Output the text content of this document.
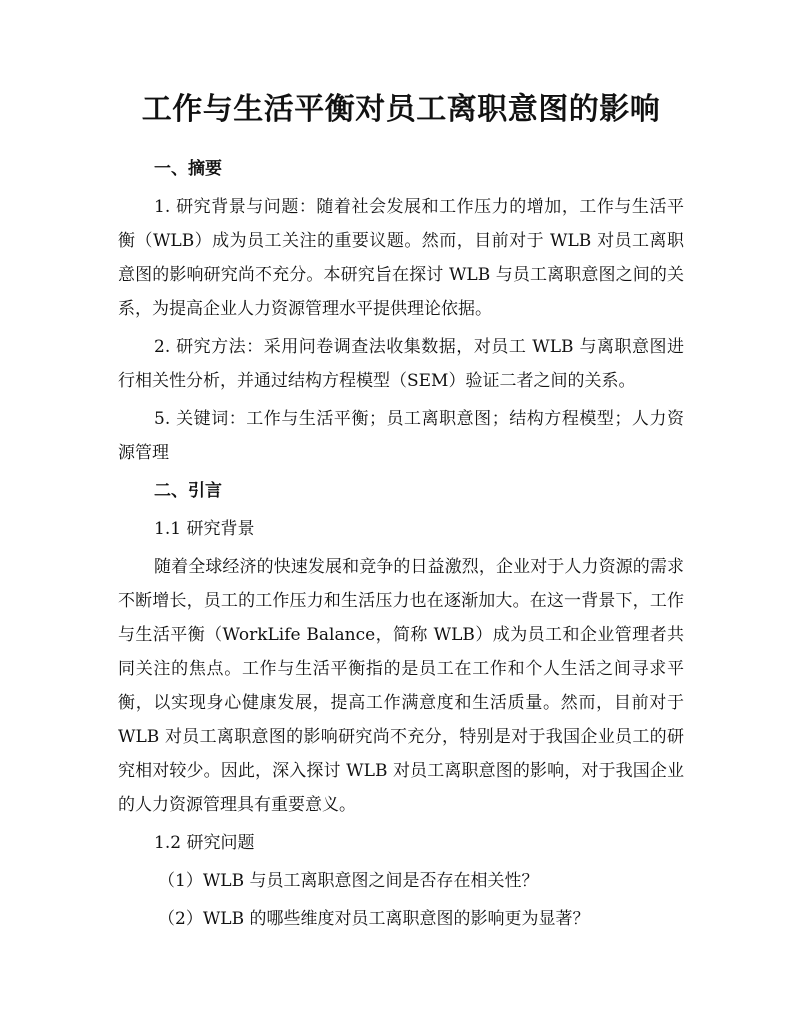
工作与生活平衡对员工离职意图的影响
一、摘要

1. 研究背景与问题：随着社会发展和工作压力的增加，工作与生活平衡（WLB）成为员工关注的重要议题。然而，目前对于 WLB 对员工离职意图的影响研究尚不充分。本研究旨在探讨 WLB 与员工离职意图之间的关系，为提高企业人力资源管理水平提供理论依据。

2. 研究方法：采用问卷调查法收集数据，对员工 WLB 与离职意图进行相关性分析，并通过结构方程模型（SEM）验证二者之间的关系。

5. 关键词：工作与生活平衡；员工离职意图；结构方程模型；人力资源管理

二、引言
1.1 研究背景

随着全球经济的快速发展和竞争的日益激烈，企业对于人力资源的需求不断增长，员工的工作压力和生活压力也在逐渐加大。在这一背景下，工作与生活平衡（WorkLife Balance，简称 WLB）成为员工和企业管理者共同关注的焦点。工作与生活平衡指的是员工在工作和个人生活之间寻求平衡，以实现身心健康发展，提高工作满意度和生活质量。然而，目前对于 WLB 对员工离职意图的影响研究尚不充分，特别是对于我国企业员工的研究相对较少。因此，深入探讨 WLB 对员工离职意图的影响，对于我国企业的人力资源管理具有重要意义。

1.2 研究问题
（1）WLB 与员工离职意图之间是否存在相关性？
（2）WLB 的哪些维度对员工离职意图的影响更为显著？
